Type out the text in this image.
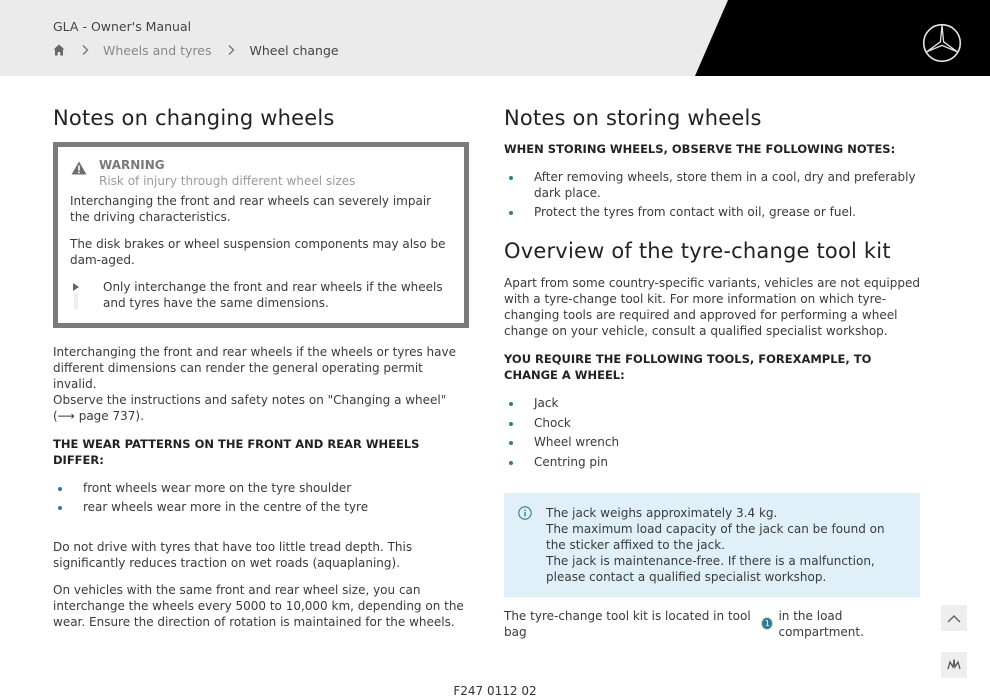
GLA - Owner's Manual
Wheels and tyres	Wheel change
Notes on changing wheels
WARNING
Risk of injury through different wheel sizes

Interchanging the front and rear wheels can severely impair the driving characteristics.

The disk brakes or wheel suspension components may also be dam-aged.

Only interchange the front and rear wheels if the wheels and tyres have the same dimensions.

Interchanging the front and rear wheels if the wheels or tyres have different dimensions can render the general operating permit invalid.

Observe the instructions and safety notes on "Changing a wheel"

(⟶ page 737).

THE WEAR PATTERNS ON THE FRONT AND REAR WHEELS DIFFER:
front wheels wear more on the tyre shoulder
rear wheels wear more in the centre of the tyre

Do not drive with tyres that have too little tread depth. This significantly reduces traction on wet roads (aquaplaning).

On vehicles with the same front and rear wheel size, you can interchange the wheels every 5000 to 10,000 km, depending on the wear. Ensure the direction of rotation is maintained for the wheels.

Notes on storing wheels
WHEN STORING WHEELS, OBSERVE THE FOLLOWING NOTES:
After removing wheels, store them in a cool, dry and preferably dark place.
Protect the tyres from contact with oil, grease or fuel.
Overview of the tyre-change tool kit

Apart from some country-specific variants, vehicles are not equipped with a tyre-change tool kit. For more information on which tyre-changing tools are required and approved for performing a wheel change on your vehicle, consult a qualified specialist workshop.

YOU REQUIRE THE FOLLOWING TOOLS, FOREXAMPLE, TO CHANGE A WHEEL:
Jack
Chock
Wheel wrench
Centring pin

The jack weighs approximately 3.4 kg.

The maximum load capacity of the jack can be found on the sticker affixed to the jack.

The jack is maintenance-free. If there is a malfunction, please contact a qualified specialist workshop.

The tyre-change tool kit is located in tool bag
1
in the load compartment.
F247 0112 02
